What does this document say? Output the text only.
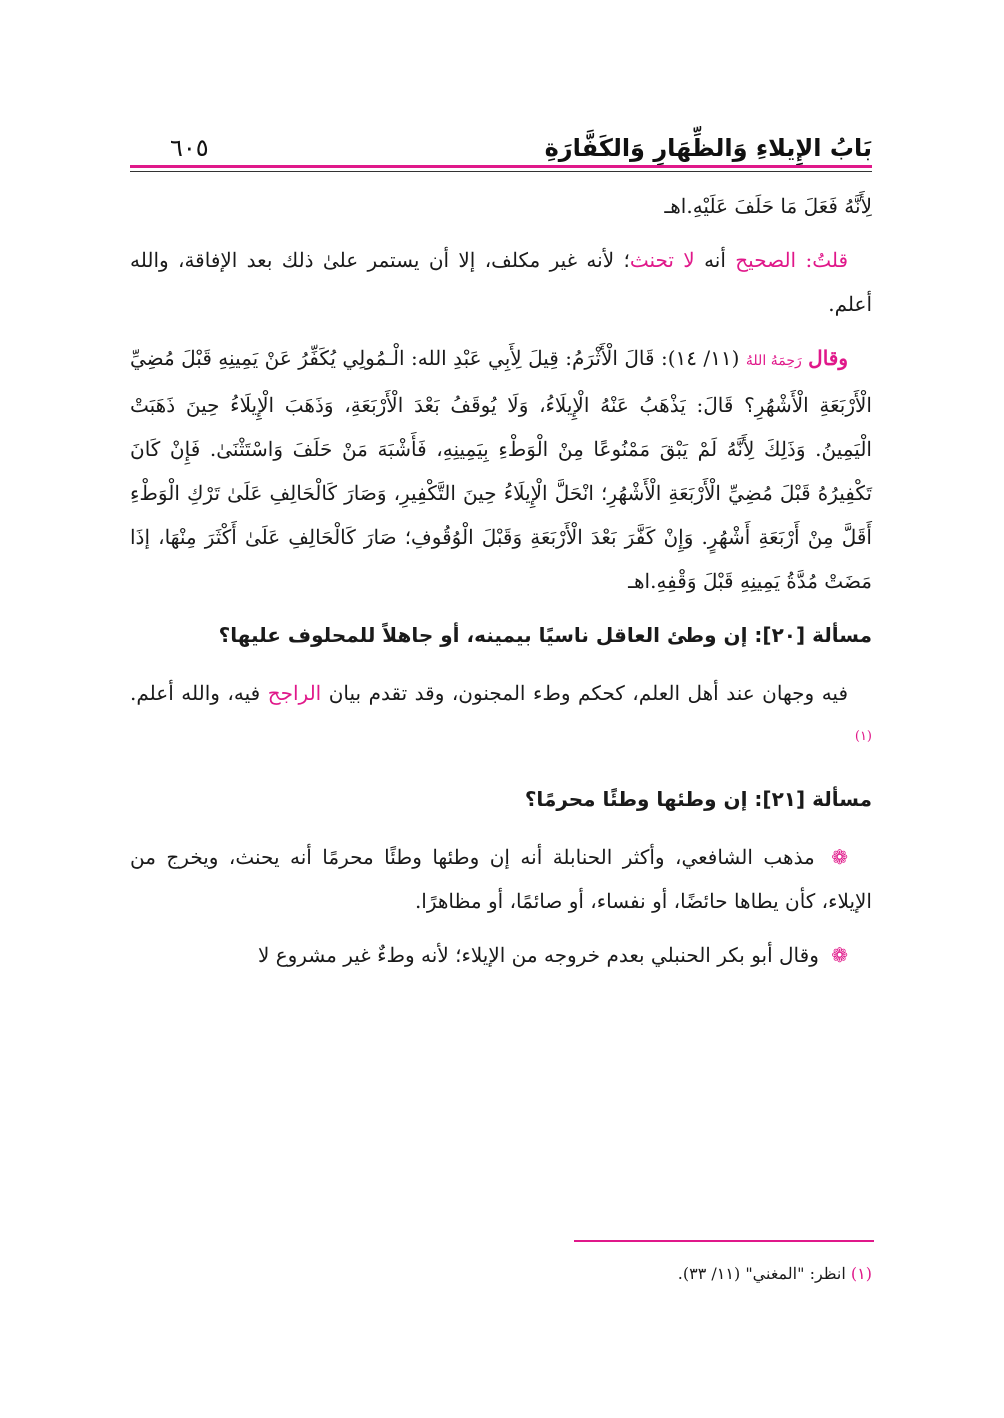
بَابُ الإِيلاءِ وَالظِّهَارِ وَالكَفَّارَةِ
٦٠٥

لِأَنَّهُ فَعَلَ مَا حَلَفَ عَلَيْهِ.اهـ

قلتُ: الصحيح أنه لا تحنث؛ لأنه غير مكلف، إلا أن يستمر علىٰ ذلك بعد الإفاقة، والله أعلم.

وقال رَحِمَهُ اللهُ (١١/ ١٤): قَالَ الْأَثْرَمُ: قِيلَ لِأَبِي عَبْدِ الله: الْـمُولِي يُكَفِّرُ عَنْ يَمِينِهِ قَبْلَ مُضِيِّ الْأَرْبَعَةِ الْأَشْهُرِ؟ قَالَ: يَذْهَبُ عَنْهُ الْإِيلَاءُ، وَلَا يُوقَفُ بَعْدَ الْأَرْبَعَةِ، وَذَهَبَ الْإِيلَاءُ حِينَ ذَهَبَتْ الْيَمِينُ. وَذَلِكَ لِأَنَّهُ لَمْ يَبْقَ مَمْنُوعًا مِنْ الْوَطْءِ بِيَمِينِهِ، فَأَشْبَهَ مَنْ حَلَفَ وَاسْتَثْنَىٰ. فَإِنْ كَانَ تَكْفِيرُهُ قَبْلَ مُضِيِّ الْأَرْبَعَةِ الْأَشْهُرِ؛ انْحَلَّ الْإِيلَاءُ حِينَ التَّكْفِيرِ، وَصَارَ كَالْحَالِفِ عَلَىٰ تَرْكِ الْوَطْءِ أَقَلَّ مِنْ أَرْبَعَةِ أَشْهُرٍ. وَإِنْ كَفَّرَ بَعْدَ الْأَرْبَعَةِ وَقَبْلَ الْوُقُوفِ؛ صَارَ كَالْحَالِفِ عَلَىٰ أَكْثَرَ مِنْهَا، إذَا مَضَتْ مُدَّةُ يَمِينِهِ قَبْلَ وَقْفِهِ.اهـ

مسألة [٢٠]: إن وطئ العاقل ناسيًا بيمينه، أو جاهلاً للمحلوف عليها؟

فيه وجهان عند أهل العلم، كحكم وطء المجنون، وقد تقدم بيان الراجح فيه، والله أعلم.$^{(١)}$

مسألة [٢١]: إن وطئها وطئًا محرمًا؟

❁ مذهب الشافعي، وأكثر الحنابلة أنه إن وطئها وطئًا محرمًا أنه يحنث، ويخرج من الإيلاء، كأن يطاها حائضًا، أو نفساء، أو صائمًا، أو مظاهرًا.

❁ وقال أبو بكر الحنبلي بعدم خروجه من الإيلاء؛ لأنه وطءٌ غير مشروع لا

(١) انظر: "المغني" (١١/ ٣٣).
